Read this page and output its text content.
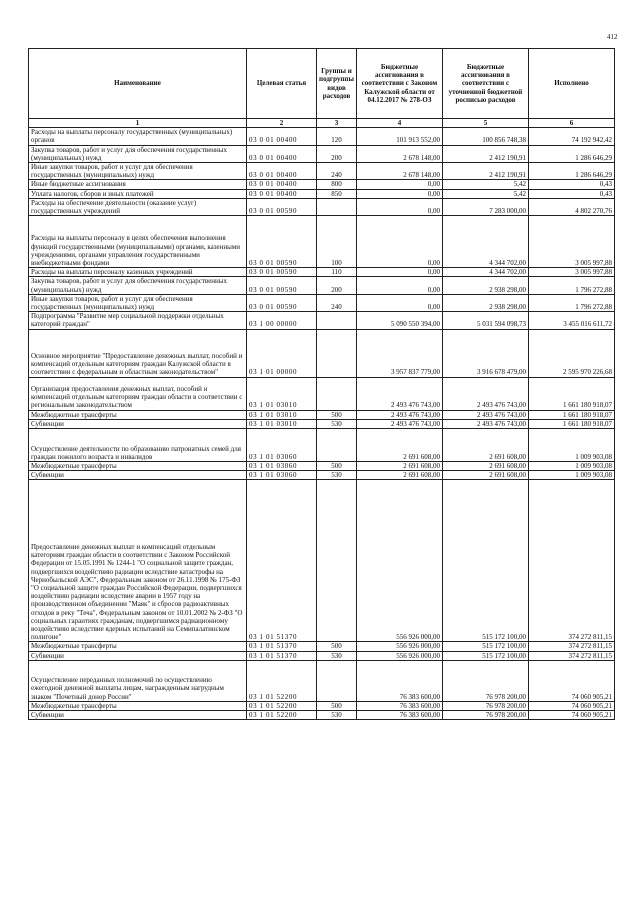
412
Наименование	Целевая статья	Группы и подгруппы видов расходов	Бюджетные ассигнования в соответствии с Законом Калужской области от 04.12.2017 № 278-ОЗ	Бюджетные ассигнования в соответствии с уточненной бюджетной росписью расходов	Исполнено
1	2	3	4	5	6
Расходы на выплаты персоналу государственных (муниципальных) органов	03 0 01 00400	120	101 913 552,00	100 856 748,38	74 192 942,42
Закупка товаров, работ и услуг для обеспечения государственных (муниципальных) нужд	03 0 01 00400	200	2 678 148,00	2 412 190,91	1 286 646,29
Иные закупки товаров, работ и услуг для обеспечения государственных (муниципальных) нужд	03 0 01 00400	240	2 678 148,00	2 412 190,91	1 286 646,29
Иные бюджетные ассигнования	03 0 01 00400	800	0,00	5,42	0,43
Уплата налогов, сборов и иных платежей	03 0 01 00400	850	0,00	5,42	0,43
Расходы на обеспечение деятельности (оказание услуг) государственных учреждений	03 0 01 00590		0,00	7 283 000,00	4 802 270,76
Расходы на выплаты персоналу в целях обеспечения выполнения функций государственными (муниципальными) органами, казенными учреждениями, органами управления государственными внебюджетными фондами	03 0 01 00590	100	0,00	4 344 702,00	3 005 997,88
Расходы на выплаты персоналу казенных учреждений	03 0 01 00590	110	0,00	4 344 702,00	3 005 997,88
Закупка товаров, работ и услуг для обеспечения государственных (муниципальных) нужд	03 0 01 00590	200	0,00	2 938 298,00	1 796 272,88
Иные закупки товаров, работ и услуг для обеспечения государственных (муниципальных) нужд	03 0 01 00590	240	0,00	2 938 298,00	1 796 272,88
Подпрограмма "Развитие мер социальной поддержки отдельных категорий граждан"	03 1 00 00000		5 090 550 394,00	5 031 594 098,73	3 455 016 611,72
Основное мероприятие "Предоставление денежных выплат, пособий и компенсаций отдельным категориям граждан Калужской области в соответствии с федеральным и областным законодательством"	03 1 01 00000		3 957 837 779,00	3 916 678 479,00	2 595 970 226,68
Организация предоставления денежных выплат, пособий и компенсаций отдельным категориям граждан области в соответствии с региональным законодательством	03 1 01 03010		2 493 476 743,00	2 493 476 743,00	1 661 180 918,07
Межбюджетные трансферты	03 1 01 03010	500	2 493 476 743,00	2 493 476 743,00	1 661 180 918,07
Субвенции	03 1 01 03010	530	2 493 476 743,00	2 493 476 743,00	1 661 180 918,07
Осуществление деятельности по образованию патронатных семей для граждан пожилого возраста и инвалидов	03 1 01 03060		2 691 608,00	2 691 608,00	1 009 903,08
Межбюджетные трансферты	03 1 01 03060	500	2 691 608,00	2 691 608,00	1 009 903,08
Субвенции	03 1 01 03060	530	2 691 608,00	2 691 608,00	1 009 903,08
Предоставление денежных выплат и компенсаций отдельным категориям граждан области в соответствии с Законом Российской Федерации от 15.05.1991 № 1244-1 "О социальной защите граждан, подвергшихся воздействию радиации вследствие катастрофы на Чернобыльской АЭС", Федеральным законом от 26.11.1998 № 175-ФЗ "О социальной защите граждан Российской Федерации, подвергшихся воздействию радиации вследствие аварии в 1957 году на производственном объединении "Маяк" и сбросов радиоактивных отходов в реку "Теча", Федеральным законом от 10.01.2002 № 2-ФЗ "О социальных гарантиях гражданам, подвергшимся радиационному воздействию вследствие ядерных испытаний на Семипалатинском полигоне"	03 1 01 51370		556 926 000,00	515 172 100,00	374 272 811,15
Межбюджетные трансферты	03 1 01 51370	500	556 926 000,00	515 172 100,00	374 272 811,15
Субвенции	03 1 01 51370	530	556 926 000,00	515 172 100,00	374 272 811,15
Осуществление переданных полномочий по осуществлению ежегодной денежной выплаты лицам, награжденным нагрудным знаком "Почетный донор России"	03 1 01 52200		76 383 600,00	76 978 200,00	74 060 905,21
Межбюджетные трансферты	03 1 01 52200	500	76 383 600,00	76 978 200,00	74 060 905,21
Субвенции	03 1 01 52200	530	76 383 600,00	76 978 200,00	74 060 905,21
